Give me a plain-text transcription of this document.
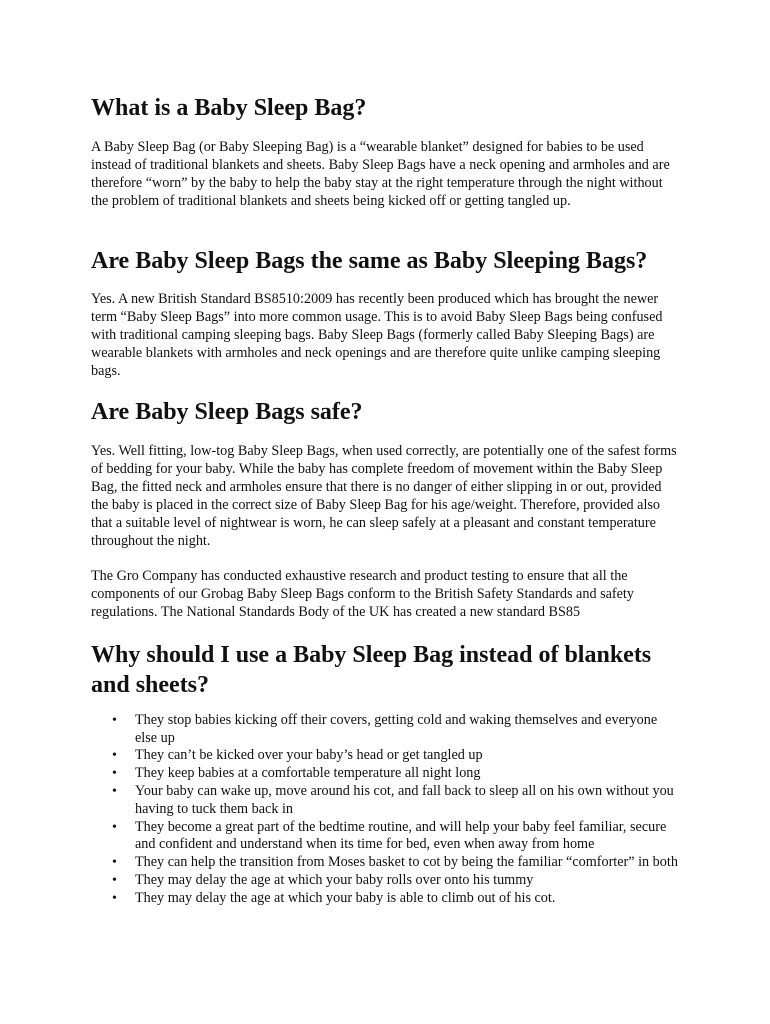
What is a Baby Sleep Bag?

A Baby Sleep Bag (or Baby Sleeping Bag) is a “wearable blanket” designed for babies to be used instead of traditional blankets and sheets. Baby Sleep Bags have a neck opening and armholes and are therefore “worn” by the baby to help the baby stay at the right temperature through the night without the problem of traditional blankets and sheets being kicked off or getting tangled up.

Are Baby Sleep Bags the same as Baby Sleeping Bags?

Yes. A new British Standard BS8510:2009 has recently been produced which has brought the newer term “Baby Sleep Bags” into more common usage. This is to avoid Baby Sleep Bags being confused with traditional camping sleeping bags. Baby Sleep Bags (formerly called Baby Sleeping Bags) are wearable blankets with armholes and neck openings and are therefore quite unlike camping sleeping bags.

Are Baby Sleep Bags safe?

Yes. Well fitting, low-tog Baby Sleep Bags, when used correctly, are potentially one of the safest forms of bedding for your baby. While the baby has complete freedom of movement within the Baby Sleep Bag, the fitted neck and armholes ensure that there is no danger of either slipping in or out, provided the baby is placed in the correct size of Baby Sleep Bag for his age/weight. Therefore, provided also that a suitable level of nightwear is worn, he can sleep safely at a pleasant and constant temperature throughout the night.

The Gro Company has conducted exhaustive research and product testing to ensure that all the components of our Grobag Baby Sleep Bags conform to the British Safety Standards and safety regulations. The National Standards Body of the UK has created a new standard BS85

Why should I use a Baby Sleep Bag instead of blankets and sheets?
• They stop babies kicking off their covers, getting cold and waking themselves and everyone else up
• They can’t be kicked over your baby’s head or get tangled up
• They keep babies at a comfortable temperature all night long
• Your baby can wake up, move around his cot, and fall back to sleep all on his own without you having to tuck them back in
• They become a great part of the bedtime routine, and will help your baby feel familiar, secure and confident and understand when its time for bed, even when away from home
• They can help the transition from Moses basket to cot by being the familiar “comforter” in both
• They may delay the age at which your baby rolls over onto his tummy
• They may delay the age at which your baby is able to climb out of his cot.
